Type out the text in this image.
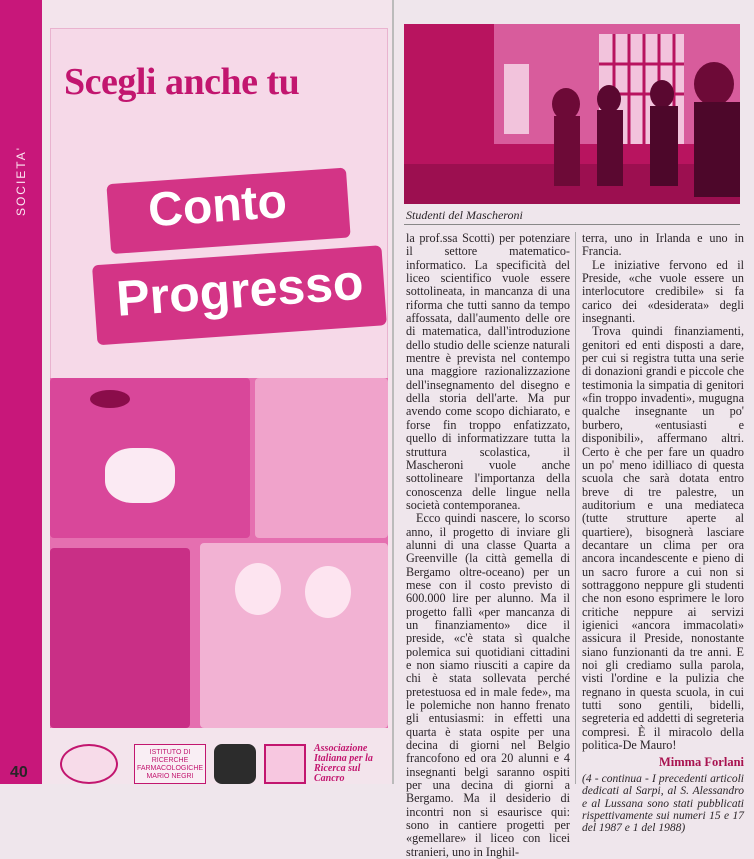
SOCIETA'
40
Scegli anche tu
Conto
Progresso
ISTITUTO DI RICERCHE FARMACOLOGICHE MARIO NEGRI
Associazione Italiana per la Ricerca sul Cancro
Studenti del Mascheroni

la prof.ssa Scotti) per potenziare il settore matematico-informatico. La specificità del liceo scientifico vuole essere sottolineata, in mancanza di una riforma che tutti sanno da tempo affossata, dall'aumento delle ore di matematica, dall'introduzione dello studio delle scienze naturali mentre è prevista nel contempo una maggiore razionalizzazione dell'insegnamento del disegno e della storia dell'arte. Ma pur avendo come scopo dichiarato, e forse fin troppo enfatizzato, quello di informatizzare tutta la struttura scolastica, il Mascheroni vuole anche sottolineare l'importanza della conoscenza delle lingue nella società contemporanea.

Ecco quindi nascere, lo scorso anno, il progetto di inviare gli alunni di una classe Quarta a Greenville (la città gemella di Bergamo oltre-oceano) per un mese con il costo previsto di 600.000 lire per alunno. Ma il progetto fallì «per mancanza di un finanziamento» dice il preside, «c'è stata sì qualche polemica sui quotidiani cittadini e non siamo riusciti a capire da chi è stata sollevata perché pretestuosa ed in male fede», ma le polemiche non hanno frenato gli entusiasmi: in effetti una quarta è stata ospite per una decina di giorni nel Belgio francofono ed ora 20 alunni e 4 insegnanti belgi saranno ospiti per una decina di giorni a Bergamo. Ma il desiderio di incontri non si esaurisce qui: sono in cantiere progetti per «gemellare» il liceo con licei stranieri, uno in Inghil-

terra, uno in Irlanda e uno in Francia.

Le iniziative fervono ed il Preside, «che vuole essere un interlocutore credibile» si fa carico dei «desiderata» degli insegnanti.

Trova quindi finanziamenti, genitori ed enti disposti a dare, per cui si registra tutta una serie di donazioni grandi e piccole che testimonia la simpatia di genitori «fin troppo invadenti», mugugna qualche insegnante un po' burbero, «entusiasti e disponibili», affermano altri. Certo è che per fare un quadro un po' meno idilliaco di questa scuola che sarà dotata entro breve di tre palestre, un auditorium e una mediateca (tutte strutture aperte al quartiere), bisognerà lasciare decantare un clima per ora ancora incandescente e pieno di un sacro furore a cui non si sottraggono neppure gli studenti che non esono esprimere le loro critiche neppure ai servizi igienici «ancora immacolati» assicura il Preside, nonostante siano funzionanti da tre anni. E noi gli crediamo sulla parola, visti l'ordine e la pulizia che regnano in questa scuola, in cui tutti sono gentili, bidelli, segreteria ed addetti di segreteria compresi. È il miracolo della politica-De Mauro!

Mimma Forlani

(4 - continua - I precedenti articoli dedicati al Sarpi, al S. Alessandro e al Lussana sono stati pubblicati rispettivamente sui numeri 15 e 17 del 1987 e 1 del 1988)
